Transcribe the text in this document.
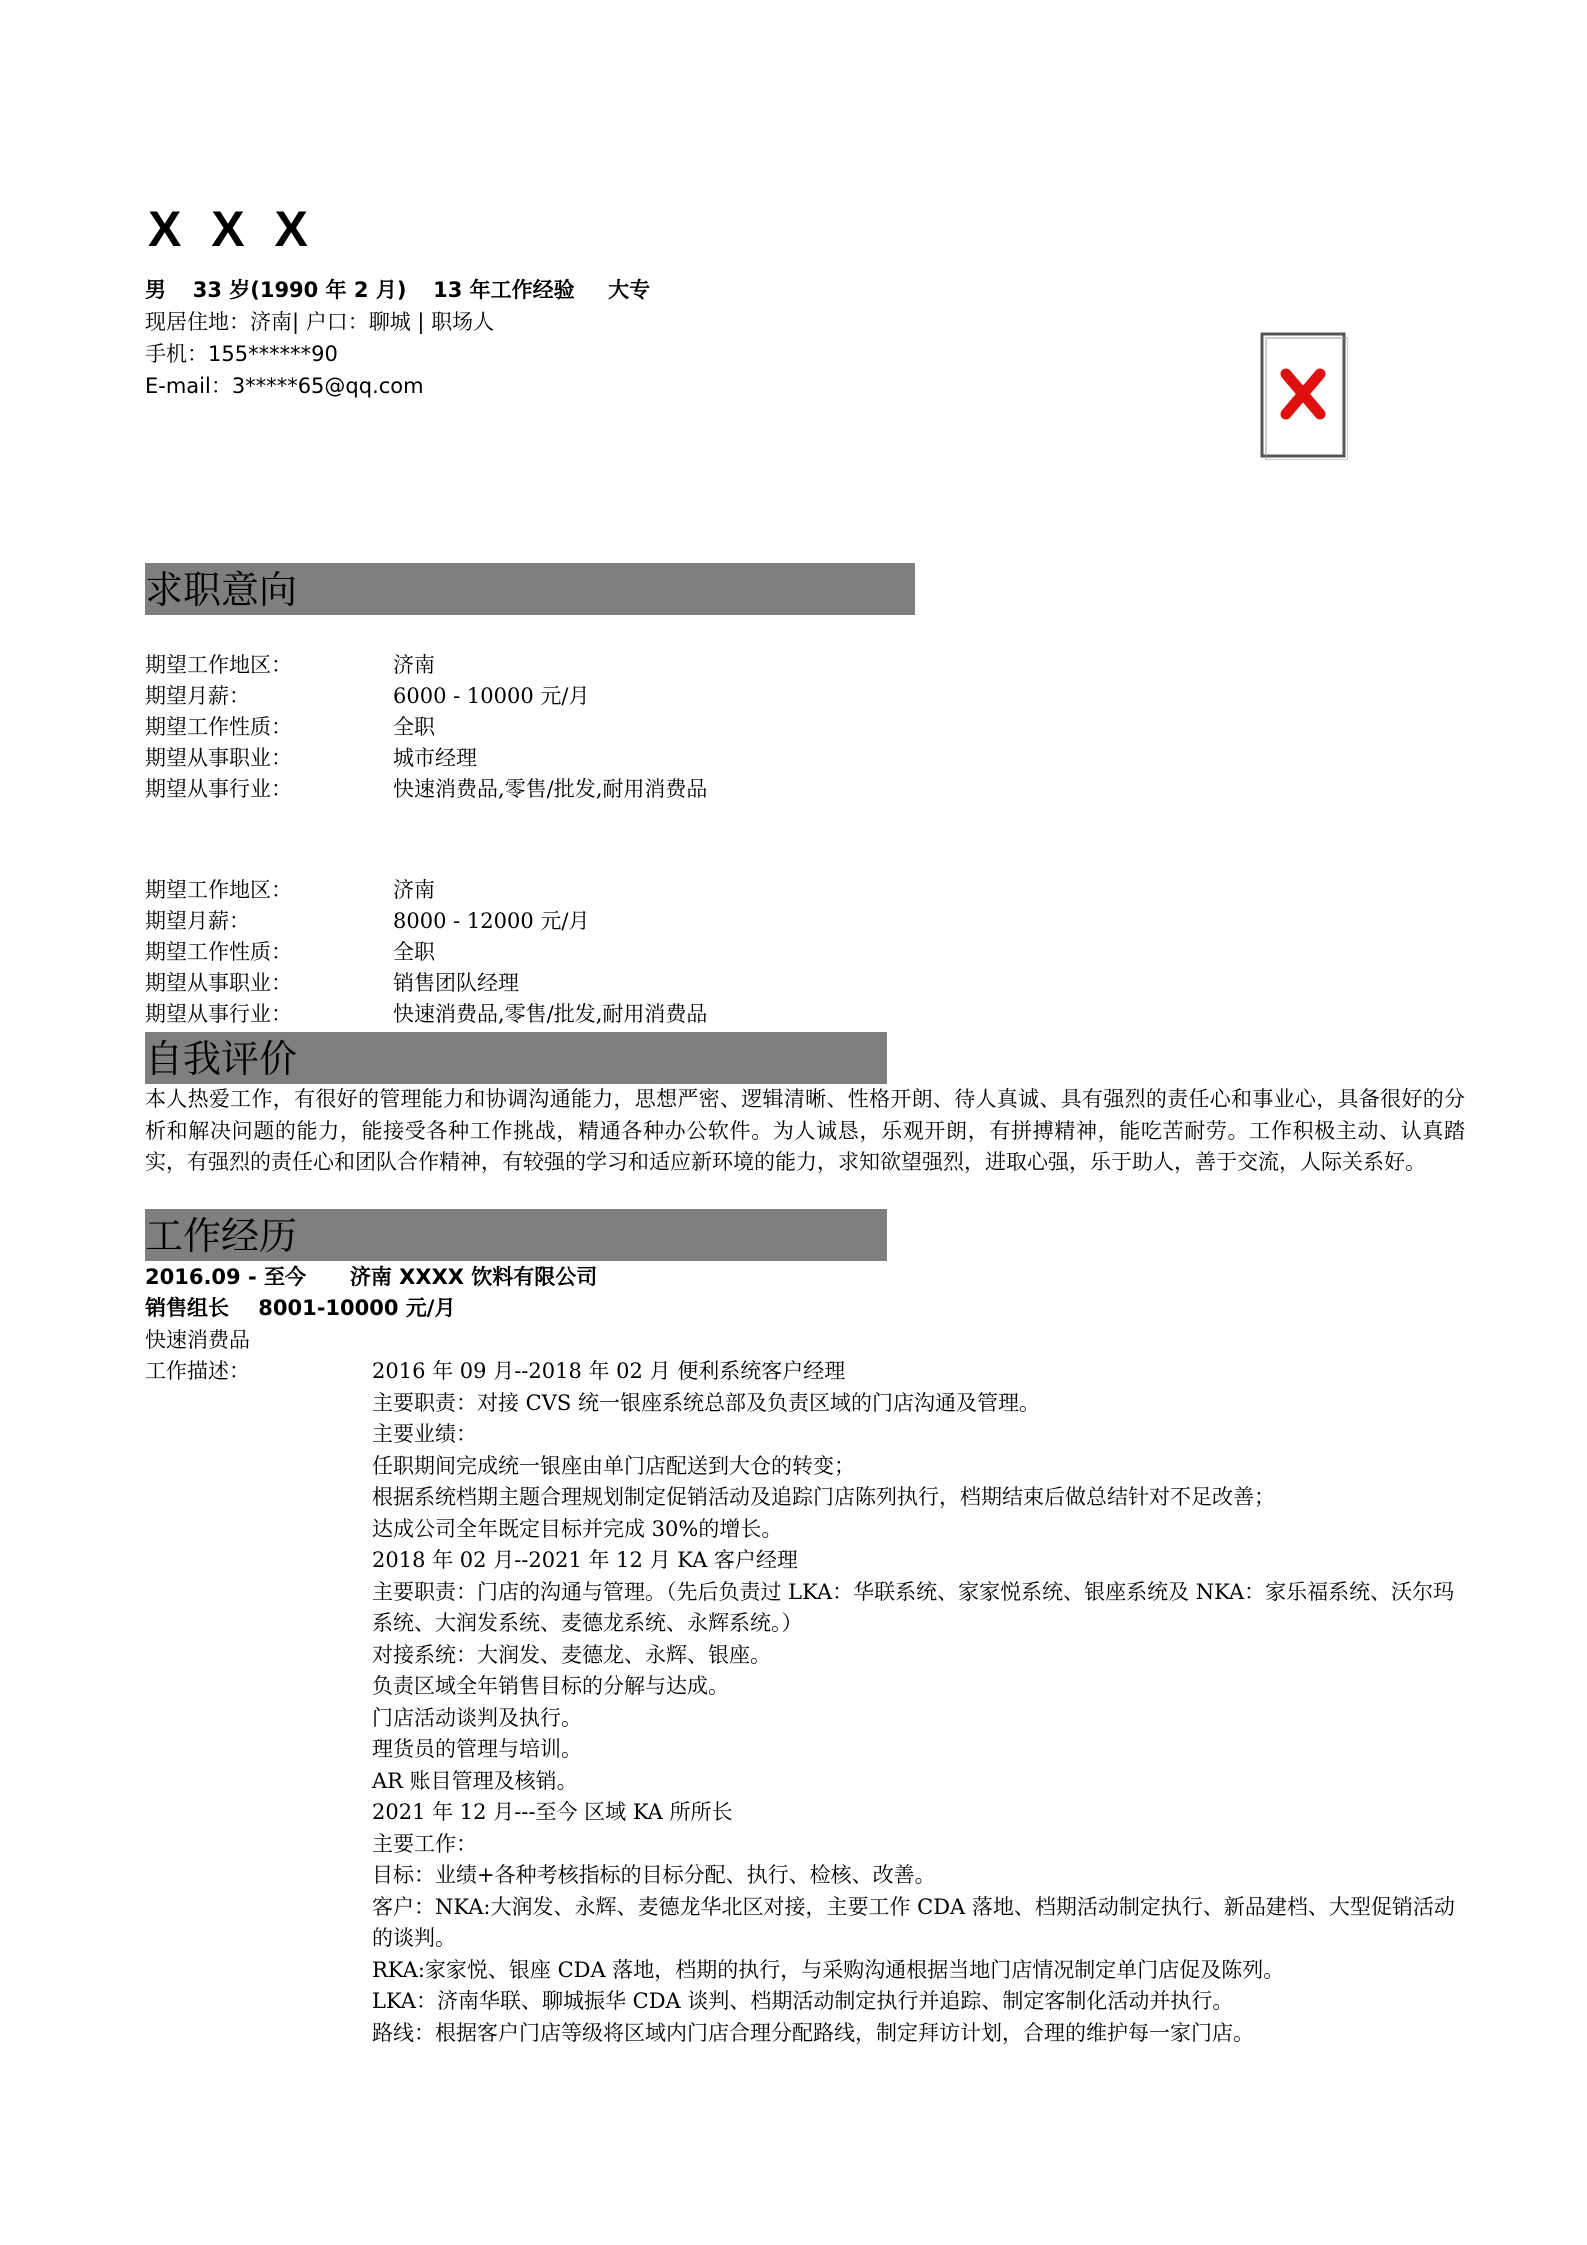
X X X
男 33 岁(1990 年 2 月) 13 年工作经验 大专
现居住地：济南| 户口：聊城 | 职场人
手机：155******90
E-mail：3*****65@qq.com
求职意向
期望工作地区：	济南
期望月薪：	6000 - 10000 元/月
期望工作性质：	全职
期望从事职业：	城市经理
期望从事行业：	快速消费品,零售/批发,耐用消费品
期望工作地区：	济南
期望月薪：	8000 - 12000 元/月
期望工作性质：	全职
期望从事职业：	销售团队经理
期望从事行业：	快速消费品,零售/批发,耐用消费品
自我评价
本人热爱工作，有很好的管理能力和协调沟通能力，思想严密、逻辑清晰、性格开朗、待人真诚、具有强烈的责任心和事业心，具备很好的分析和解决问题的能力，能接受各种工作挑战，精通各种办公软件。为人诚恳，乐观开朗，有拼搏精神，能吃苦耐劳。工作积极主动、认真踏实，有强烈的责任心和团队合作精神，有较强的学习和适应新环境的能力，求知欲望强烈，进取心强，乐于助人，善于交流，人际关系好。
工作经历
2016.09 - 至今 济南 XXXX 饮料有限公司
销售组长 8001-10000 元/月
快速消费品
工作描述：	2016 年 09 月--2018 年 02 月 便利系统客户经理
主要职责：对接 CVS 统一银座系统总部及负责区域的门店沟通及管理。
主要业绩：
任职期间完成统一银座由单门店配送到大仓的转变；
根据系统档期主题合理规划制定促销活动及追踪门店陈列执行，档期结束后做总结针对不足改善；
达成公司全年既定目标并完成 30%的增长。
2018 年 02 月--2021 年 12 月 KA 客户经理
主要职责：门店的沟通与管理。（先后负责过 LKA：华联系统、家家悦系统、银座系统及 NKA：家乐福系统、沃尔玛系统、大润发系统、麦德龙系统、永辉系统。）
对接系统：大润发、麦德龙、永辉、银座。
负责区域全年销售目标的分解与达成。
门店活动谈判及执行。
理货员的管理与培训。
AR 账目管理及核销。
2021 年 12 月---至今 区域 KA 所所长
主要工作：
目标：业绩+各种考核指标的目标分配、执行、检核、改善。
客户：NKA:大润发、永辉、麦德龙华北区对接，主要工作 CDA 落地、档期活动制定执行、新品建档、大型促销活动的谈判。
RKA:家家悦、银座 CDA 落地，档期的执行，与采购沟通根据当地门店情况制定单门店促及陈列。
LKA：济南华联、聊城振华 CDA 谈判、档期活动制定执行并追踪、制定客制化活动并执行。
路线：根据客户门店等级将区域内门店合理分配路线，制定拜访计划，合理的维护每一家门店。
